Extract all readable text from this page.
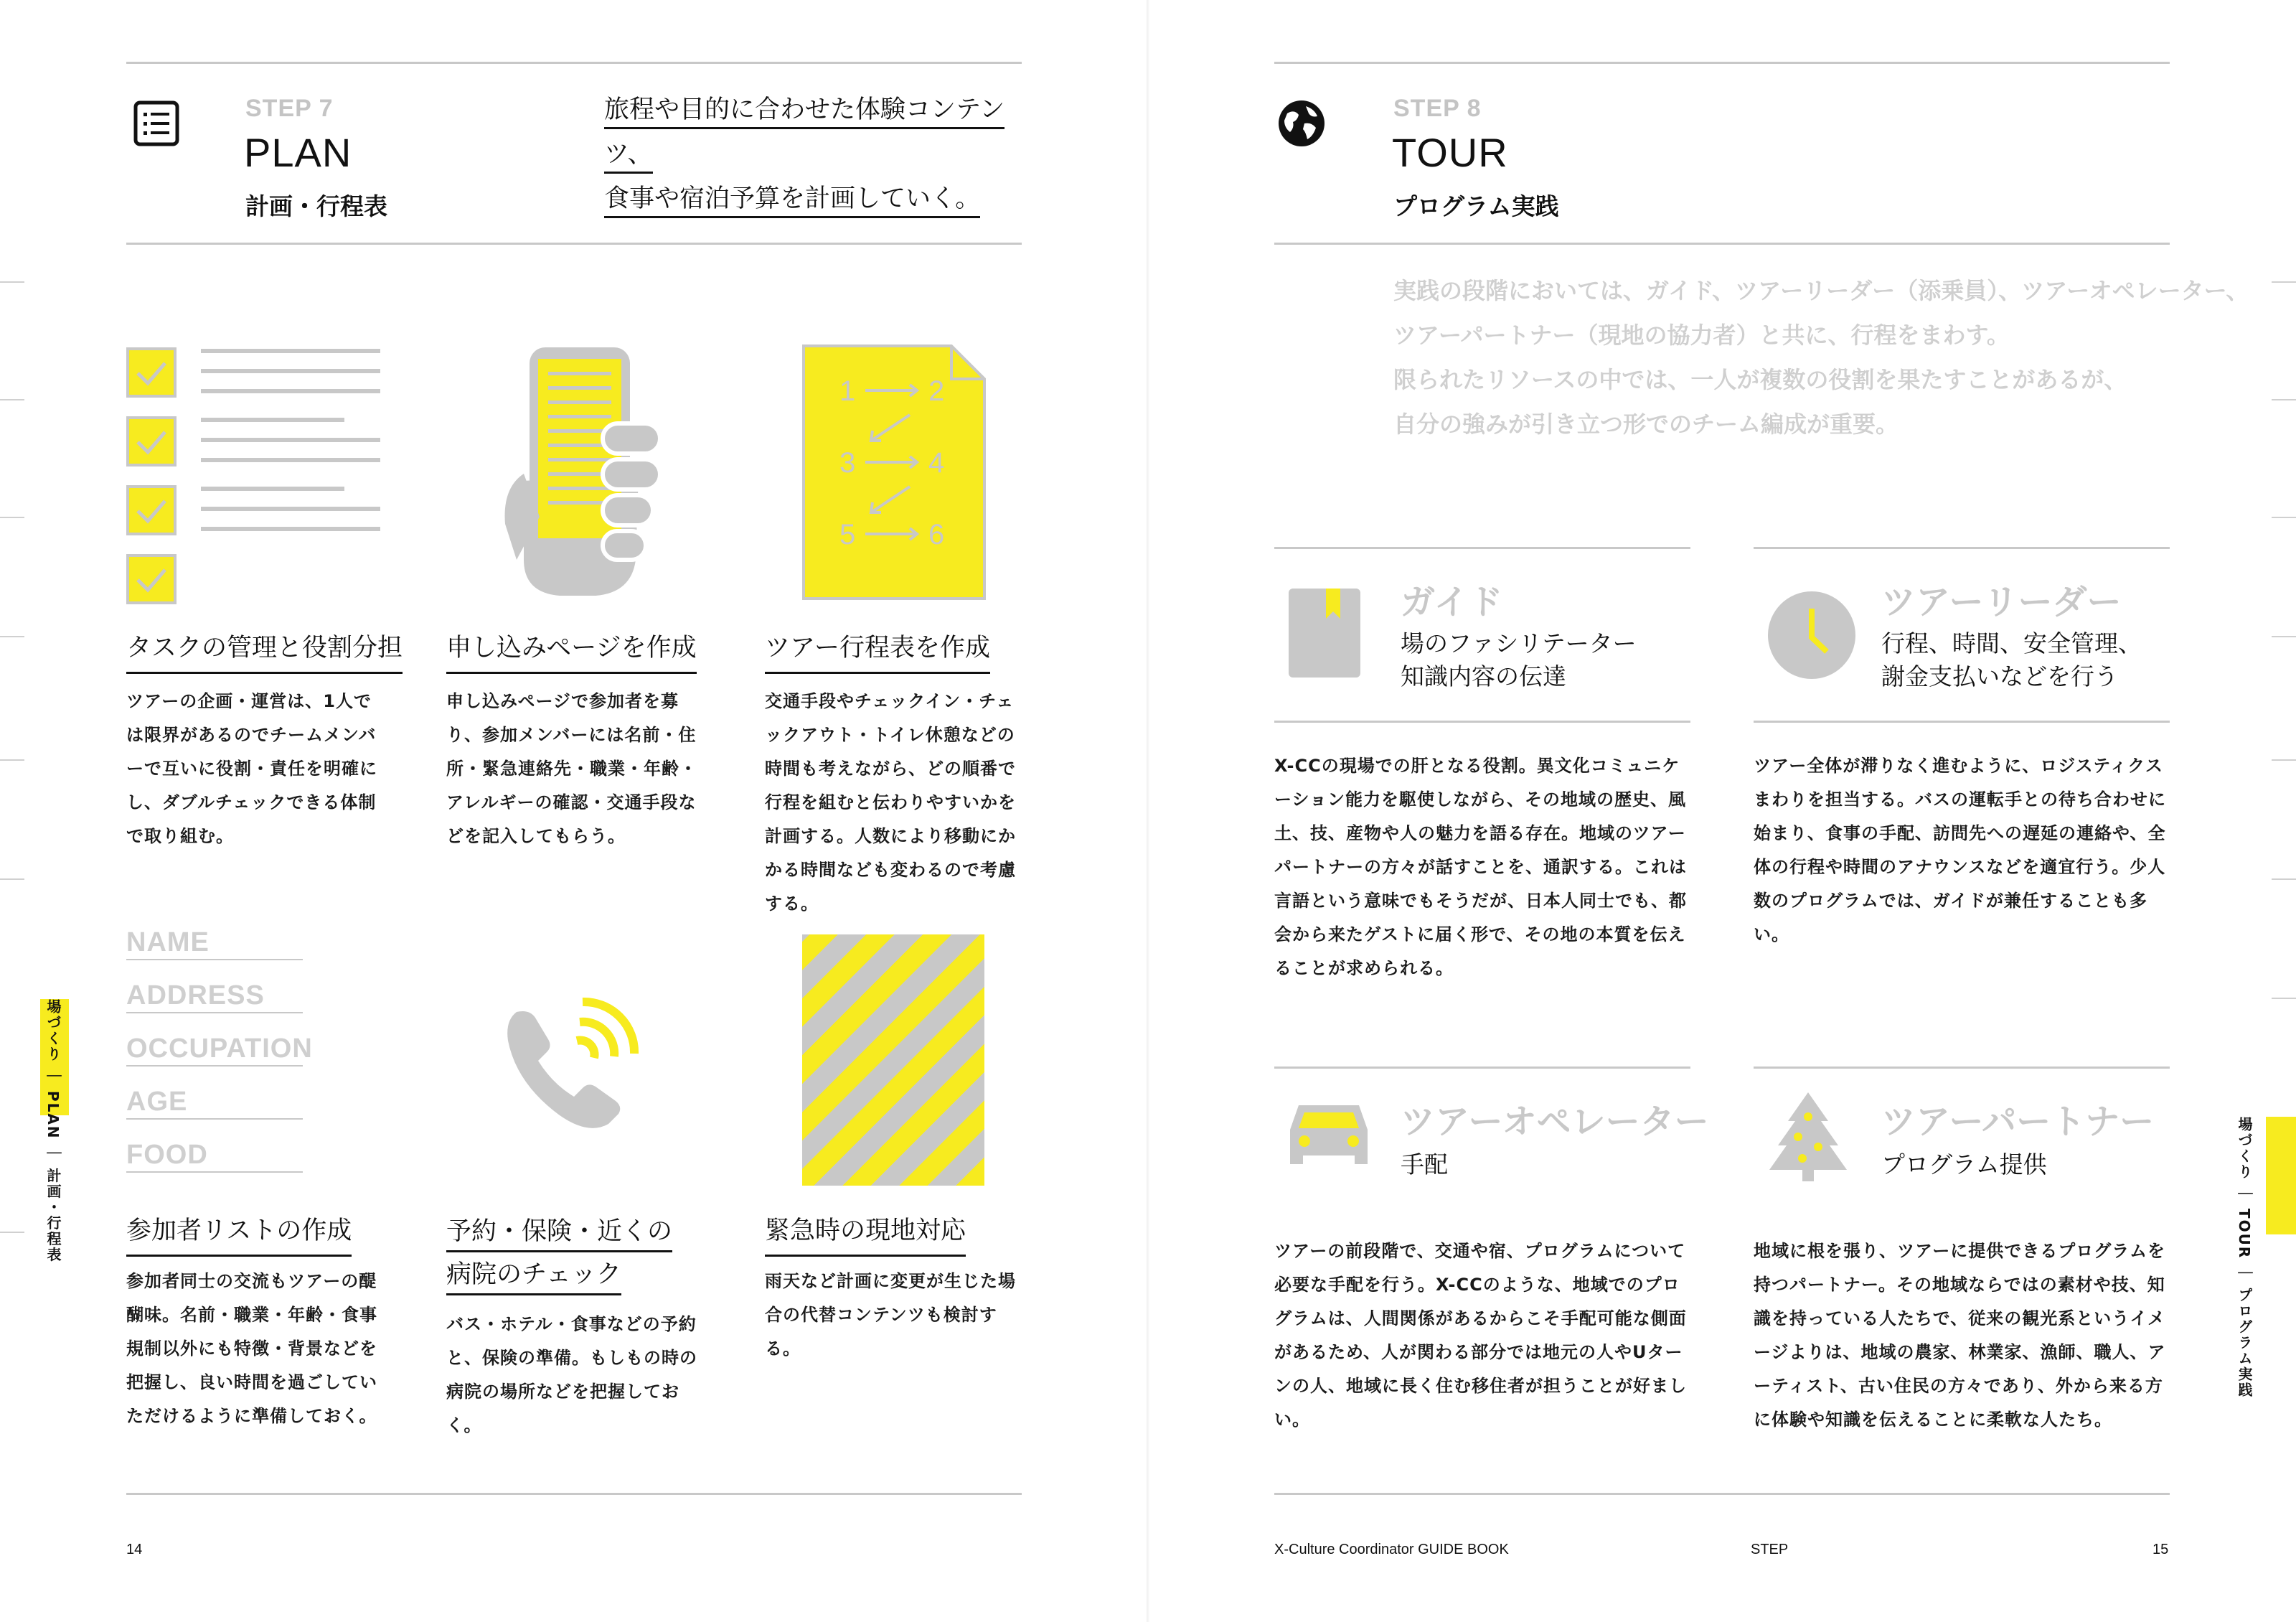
STEP 7
PLAN
計画・行程表
旅程や目的に合わせた体験コンテンツ、
食事や宿泊予算を計画していく。
1	2
3	4
5	6
タスクの管理と役割分担 申し込みページを作成	ツアー行程表を作成
ツアーの企画・運営は、1人では限界があるのでチームメンバーで互いに役割・責任を明確にし、ダブルチェックできる体制で取り組む。
申し込みページで参加者を募り、参加メンバーには名前・住所・緊急連絡先・職業・年齢・アレルギーの確認・交通手段などを記入してもらう。
交通手段やチェックイン・チェックアウト・トイレ休憩などの時間も考えながら、どの順番で行程を組むと伝わりやすいかを計画する。人数により移動にかかる時間なども変わるので考慮する。
NAME
ADDRESS
OCCUPATION
AGE
FOOD
参加者リストの作成	予約・保険・近くの
病院のチェック
緊急時の現地対応
参加者同士の交流もツアーの醍醐味。名前・職業・年齢・食事規制以外にも特徴・背景などを把握し、良い時間を過ごしていただけるように準備しておく。
バス・ホテル・食事などの予約と、保険の準備。もしもの時の病院の場所などを把握しておく。
雨天など計画に変更が生じた場合の代替コンテンツも検討する。
14
場づくり ｜ PLAN ｜ 計画・行程表
STEP 8
TOUR
プログラム実践
実践の段階においては、ガイド、ツアーリーダー（添乗員）、ツアーオペレーター、
ツアーパートナー（現地の協力者）と共に、行程をまわす。
限られたリソースの中では、一人が複数の役割を果たすことがあるが、
自分の強みが引き立つ形でのチーム編成が重要。
ガイド
場のファシリテーター
知識内容の伝達
X-CCの現場での肝となる役割。異文化コミュニケーション能力を駆使しながら、その地域の歴史、風土、技、産物や人の魅力を語る存在。地域のツアーパートナーの方々が話すことを、通訳する。これは言語という意味でもそうだが、日本人同士でも、都会から来たゲストに届く形で、その地の本質を伝えることが求められる。
ツアーリーダー
行程、時間、安全管理、
謝金支払いなどを行う
ツアー全体が滞りなく進むように、ロジスティクスまわりを担当する。バスの運転手との待ち合わせに始まり、食事の手配、訪問先への遅延の連絡や、全体の行程や時間のアナウンスなどを適宜行う。少人数のプログラムでは、ガイドが兼任することも多い。
ツアーオペレーター
手配
ツアーの前段階で、交通や宿、プログラムについて必要な手配を行う。X-CCのような、地域でのプログラムは、人間関係があるからこそ手配可能な側面があるため、人が関わる部分では地元の人やUターンの人、地域に長く住む移住者が担うことが好ましい。
ツアーパートナー
プログラム提供
地域に根を張り、ツアーに提供できるプログラムを持つパートナー。その地域ならではの素材や技、知識を持っている人たちで、従来の観光系というイメージよりは、地域の農家、林業家、漁師、職人、アーティスト、古い住民の方々であり、外から来る方に体験や知識を伝えることに柔軟な人たち。
X-Culture Coordinator GUIDE BOOK	STEP	15
場づくり ｜ TOUR ｜ プログラム実践
